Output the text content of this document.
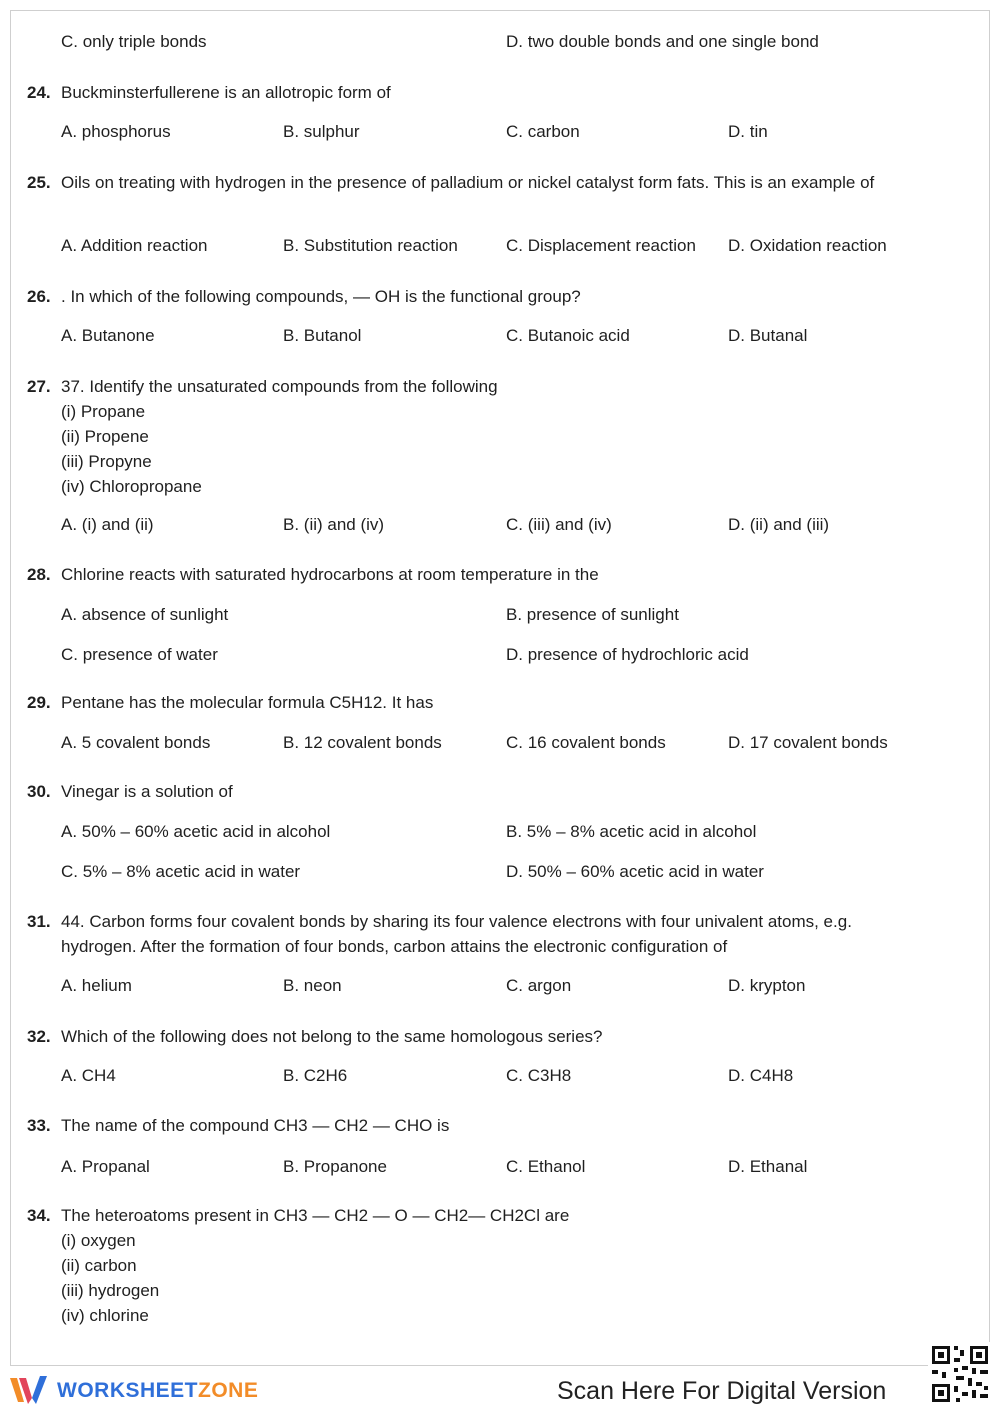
C. only triple bonds	D. two double bonds and one single bond
24. Buckminsterfullerene is an allotropic form of
A. phosphorus	B. sulphur	C. carbon	D. tin
25. Oils on treating with hydrogen in the presence of palladium or nickel catalyst form fats. This is an example of
A. Addition reaction	B. Substitution reaction	C. Displacement reaction D. Oxidation reaction
26. . In which of the following compounds, — OH is the functional group?
A. Butanone	B. Butanol	C. Butanoic acid	D. Butanal
27. 37. Identify the unsaturated compounds from the following
(i) Propane
(ii) Propene
(iii) Propyne
(iv) Chloropropane
A. (i) and (ii)	B. (ii) and (iv)	C. (iii) and (iv)	D. (ii) and (iii)
28. Chlorine reacts with saturated hydrocarbons at room temperature in the
A. absence of sunlight	B. presence of sunlight
C. presence of water	D. presence of hydrochloric acid
29. Pentane has the molecular formula C5H12. It has
A. 5 covalent bonds	B. 12 covalent bonds	C. 16 covalent bonds	D. 17 covalent bonds
30. Vinegar is a solution of
A. 50% – 60% acetic acid in alcohol	B. 5% – 8% acetic acid in alcohol
C. 5% – 8% acetic acid in water	D. 50% – 60% acetic acid in water
31. 44. Carbon forms four covalent bonds by sharing its four valence electrons with four univalent atoms, e.g. hydrogen. After the formation of four bonds, carbon attains the electronic configuration of
A. helium	B. neon	C. argon	D. krypton
32. Which of the following does not belong to the same homologous series?
A. CH4	B. C2H6	C. C3H8	D. C4H8
33. The name of the compound CH3 — CH2 — CHO is
A. Propanal	B. Propanone	C. Ethanol	D. Ethanal
34. The heteroatoms present in CH3 — CH2 — O — CH2— CH2Cl are
(i) oxygen
(ii) carbon
(iii) hydrogen
(iv) chlorine
WORKSHEETZONE	Scan Here For Digital Version
